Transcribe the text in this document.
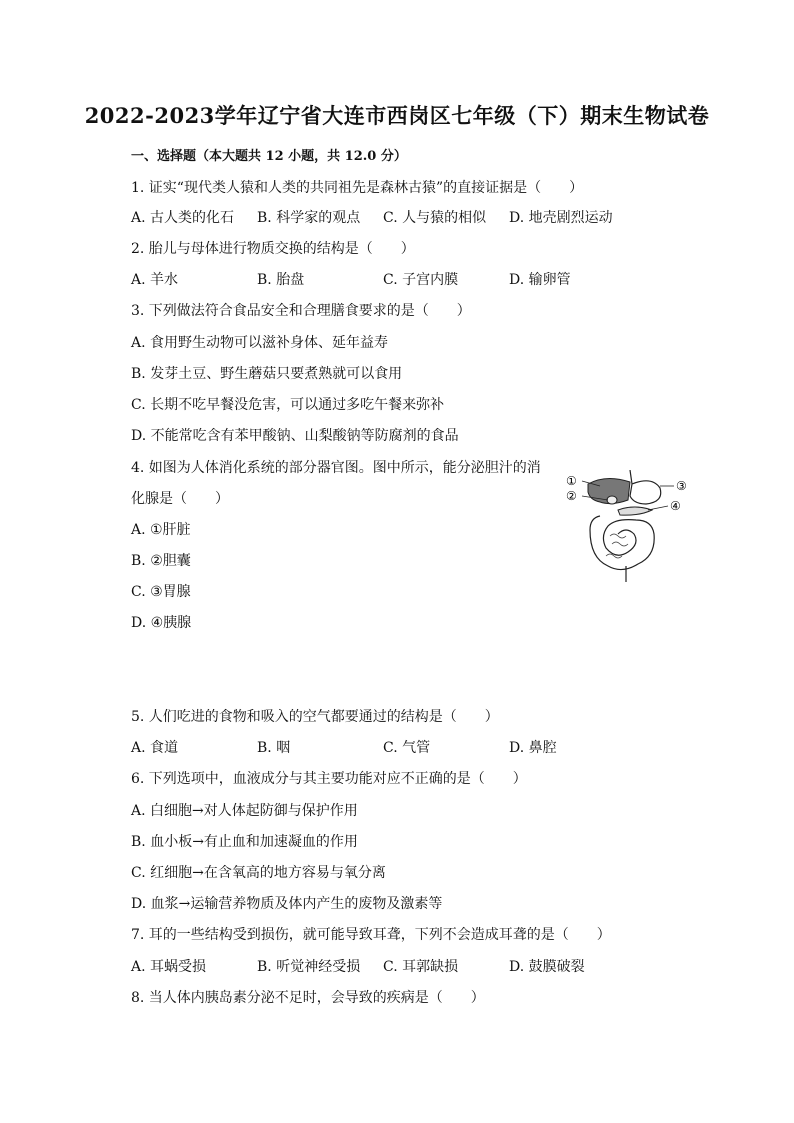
2022-2023学年辽宁省大连市西岗区七年级（下）期末生物试卷
一、选择题（本大题共 12 小题，共 12.0 分）
1. 证实“现代类人猿和人类的共同祖先是森林古猿”的直接证据是（　　）
A. 古人类的化石 B. 科学家的观点 C. 人与猿的相似 D. 地壳剧烈运动
2. 胎儿与母体进行物质交换的结构是（　　）
A. 羊水	B. 胎盘	C. 子宫内膜	D. 输卵管
3. 下列做法符合食品安全和合理膳食要求的是（　　）
A. 食用野生动物可以滋补身体、延年益寿
B. 发芽土豆、野生蘑菇只要煮熟就可以食用
C. 长期不吃早餐没危害，可以通过多吃午餐来弥补
D. 不能常吃含有苯甲酸钠、山梨酸钠等防腐剂的食品
4. 如图为人体消化系统的部分器官图。图中所示，能分泌胆汁的消
化腺是（　　）
A. ①肝脏
B. ②胆囊
C. ③胃腺
D. ④胰腺
①
②
③
④
5. 人们吃进的食物和吸入的空气都要通过的结构是（　　）
A. 食道	B. 咽	C. 气管	D. 鼻腔
6. 下列选项中，血液成分与其主要功能对应不正确的是（　　）
A. 白细胞→对人体起防御与保护作用
B. 血小板→有止血和加速凝血的作用
C. 红细胞→在含氧高的地方容易与氧分离
D. 血浆→运输营养物质及体内产生的废物及激素等
7. 耳的一些结构受到损伤，就可能导致耳聋，下列不会造成耳聋的是（　　）
A. 耳蜗受损	B. 听觉神经受损 C. 耳郭缺损	D. 鼓膜破裂
8. 当人体内胰岛素分泌不足时，会导致的疾病是（　　）
